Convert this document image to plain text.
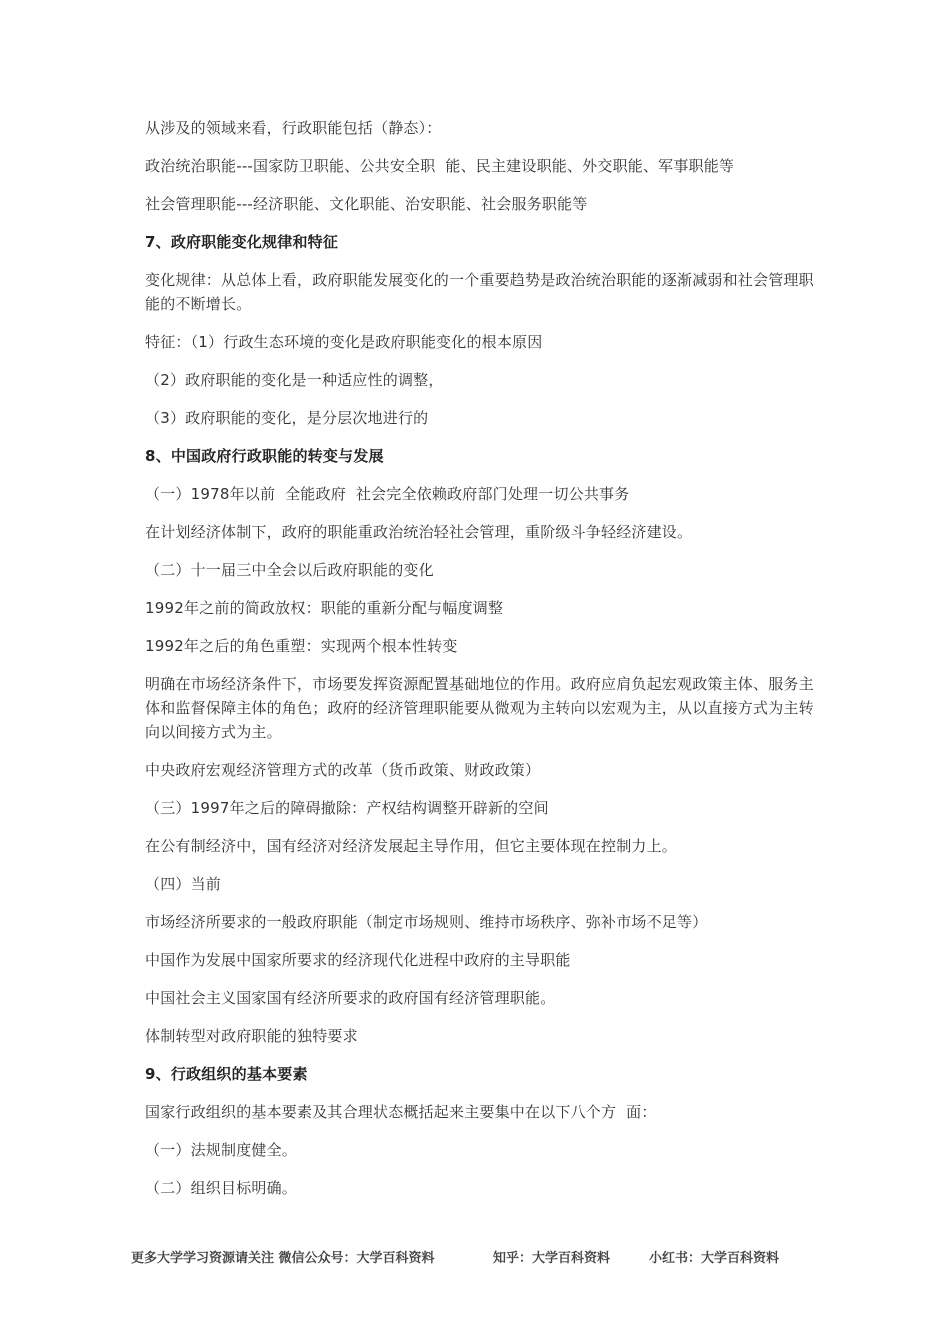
从涉及的领域来看，行政职能包括（静态）：

政治统治职能---国家防卫职能、公共安全职  能、民主建设职能、外交职能、军事职能等

社会管理职能---经济职能、文化职能、治安职能、社会服务职能等

7、政府职能变化规律和特征

变化规律：从总体上看，政府职能发展变化的一个重要趋势是政治统治职能的逐渐减弱和社会管理职能的不断增长。

特征：（1）行政生态环境的变化是政府职能变化的根本原因

（2）政府职能的变化是一种适应性的调整，

（3）政府职能的变化，是分层次地进行的

8、中国政府行政职能的转变与发展

（一）1978年以前  全能政府  社会完全依赖政府部门处理一切公共事务

在计划经济体制下，政府的职能重政治统治轻社会管理，重阶级斗争轻经济建设。

（二）十一届三中全会以后政府职能的变化

1992年之前的简政放权：职能的重新分配与幅度调整

1992年之后的角色重塑：实现两个根本性转变

明确在市场经济条件下，市场要发挥资源配置基础地位的作用。政府应肩负起宏观政策主体、服务主体和监督保障主体的角色；政府的经济管理职能要从微观为主转向以宏观为主，从以直接方式为主转向以间接方式为主。

中央政府宏观经济管理方式的改革（货币政策、财政政策）

（三）1997年之后的障碍撤除：产权结构调整开辟新的空间

在公有制经济中，国有经济对经济发展起主导作用，但它主要体现在控制力上。

（四）当前

市场经济所要求的一般政府职能（制定市场规则、维持市场秩序、弥补市场不足等）

中国作为发展中国家所要求的经济现代化进程中政府的主导职能

中国社会主义国家国有经济所要求的政府国有经济管理职能。

体制转型对政府职能的独特要求

9、行政组织的基本要素

国家行政组织的基本要素及其合理状态概括起来主要集中在以下八个方  面：

（一）法规制度健全。

（二）组织目标明确。

更多大学学习资源请关注 微信公众号：大学百科资料	知乎：大学百科资料	小红书：大学百科资料
